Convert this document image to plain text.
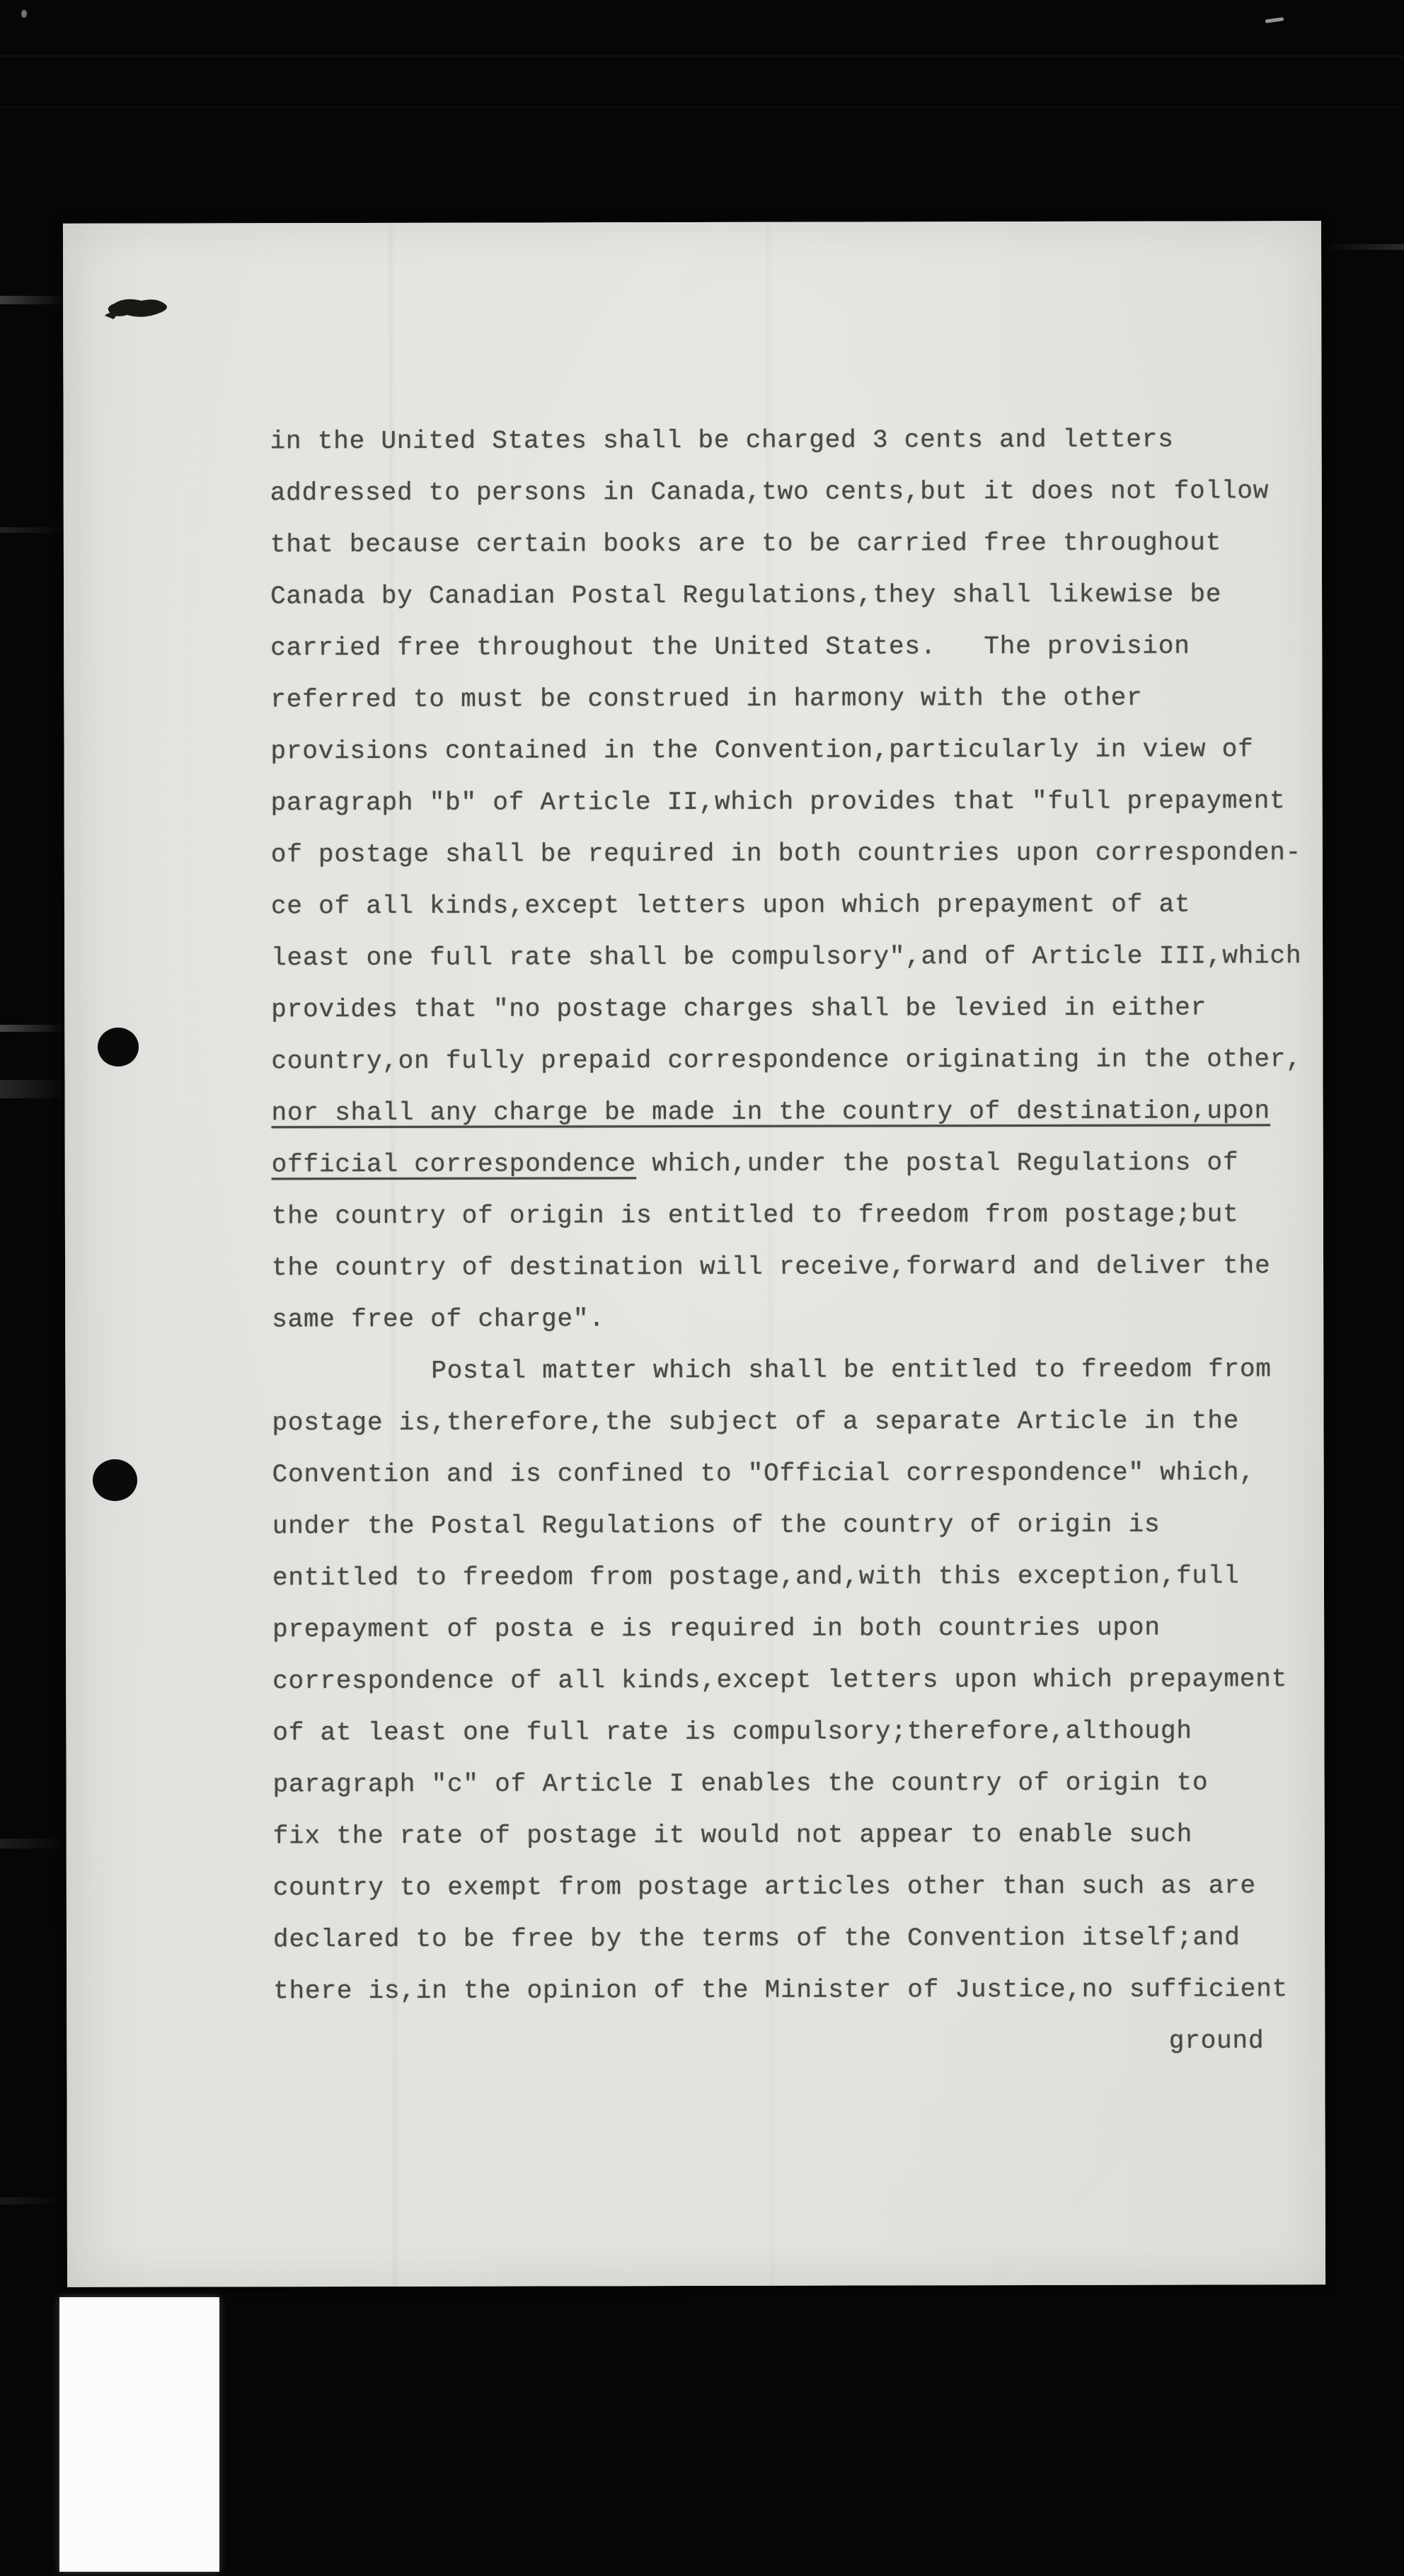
in the United States shall be charged 3 cents and letters
addressed to persons in Canada,two cents,but it does not follow
that because certain books are to be carried free throughout
Canada by Canadian Postal Regulations,they shall likewise be
carried free throughout the United States.   The provision
referred to must be construed in harmony with the other
provisions contained in the Convention,particularly in view of
paragraph "b" of Article II,which provides that "full prepayment
of postage shall be required in both countries upon corresponden-
ce of all kinds,except letters upon which prepayment of at
least one full rate shall be compulsory",and of Article III,which
provides that "no postage charges shall be levied in either
country,on fully prepaid correspondence originating in the other,
nor shall any charge be made in the country of destination,upon
official correspondence which,under the postal Regulations of
the country of origin is entitled to freedom from postage;but
the country of destination will receive,forward and deliver the
same free of charge".
Postal matter which shall be entitled to freedom from
postage is,therefore,the subject of a separate Article in the
Convention and is confined to "Official correspondence" which,
under the Postal Regulations of the country of origin is
entitled to freedom from postage,and,with this exception,full
prepayment of posta e is required in both countries upon
correspondence of all kinds,except letters upon which prepayment
of at least one full rate is compulsory;therefore,although
paragraph "c" of Article I enables the country of origin to
fix the rate of postage it would not appear to enable such
country to exempt from postage articles other than such as are
declared to be free by the terms of the Convention itself;and
there is,in the opinion of the Minister of Justice,no sufficient
ground
